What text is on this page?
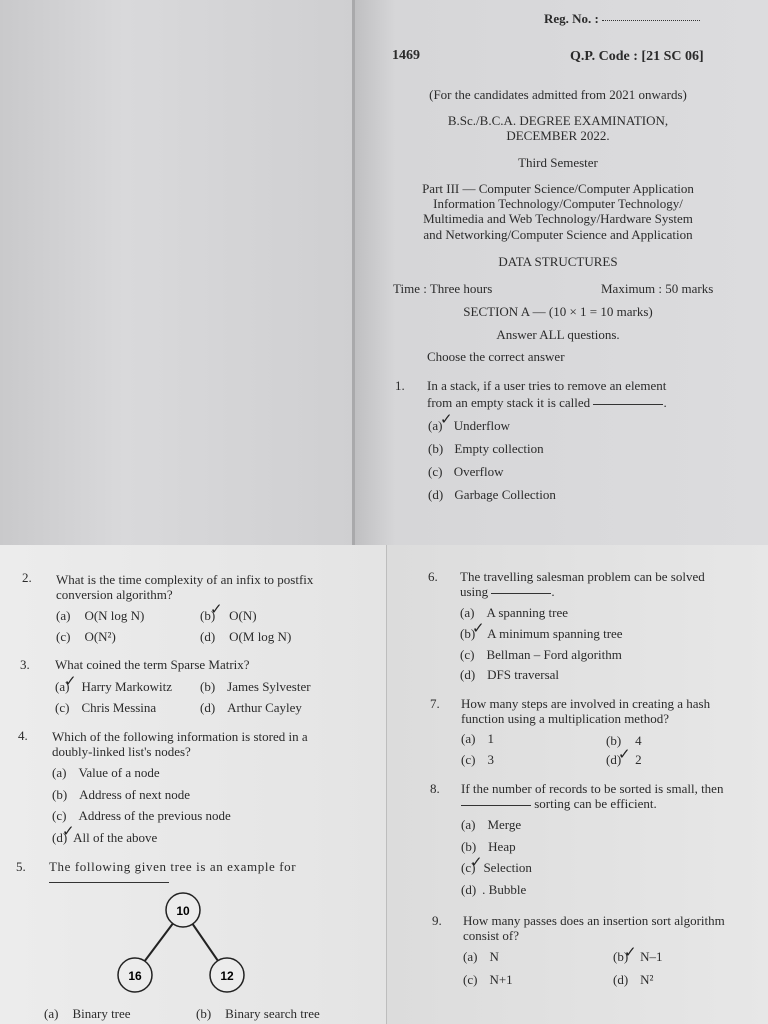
Reg. No. :
1469	Q.P. Code : [21 SC 06]
(For the candidates admitted from 2021 onwards)
B.Sc./B.C.A. DEGREE EXAMINATION,
DECEMBER 2022.
Third Semester
Part III — Computer Science/Computer Application
Information Technology/Computer Technology/
Multimedia and Web Technology/Hardware System
and Networking/Computer Science and Application
DATA STRUCTURES
Time : Three hours	Maximum : 50 marks
SECTION A — (10 × 1 = 10 marks)
Answer ALL questions.
Choose the correct answer
1. In a stack, if a user tries to remove an element
from an empty stack it is called	.
(a) Underflow
(b) Empty collection
(c) Overflow
(d) Garbage Collection
✓
2. What is the time complexity of an infix to postfix
conversion algorithm?
(a) O(N log N)	(b) O(N)
(c) O(N²)	(d) O(M log N)
✓
3. What coined the term Sparse Matrix?
(a) Harry Markowitz (b) James Sylvester
(c) Chris Messina	(d) Arthur Cayley
✓
4. Which of the following information is stored in a
doubly-linked list's nodes?
(a) Value of a node
(b) Address of next node
(c) Address of the previous node
(d) All of the above
✓
5. The following given tree is an example for
10
16	12
(a) Binary tree	(b) Binary search tree
6. The travelling salesman problem can be solved
using	.
(a) A spanning tree
(b) A minimum spanning tree
(c) Bellman – Ford algorithm
(d) DFS traversal
✓
7. How many steps are involved in creating a hash
function using a multiplication method?
(a) 1	(b) 4
(c) 3	(d) 2
✓
8. If the number of records to be sorted is small, then
sorting can be efficient.
(a) Merge
(b) Heap
(c) Selection
(d) . Bubble
✓
9. How many passes does an insertion sort algorithm
consist of?
(a) N	(b) N–1
(c) N+1	(d) N²
✓
